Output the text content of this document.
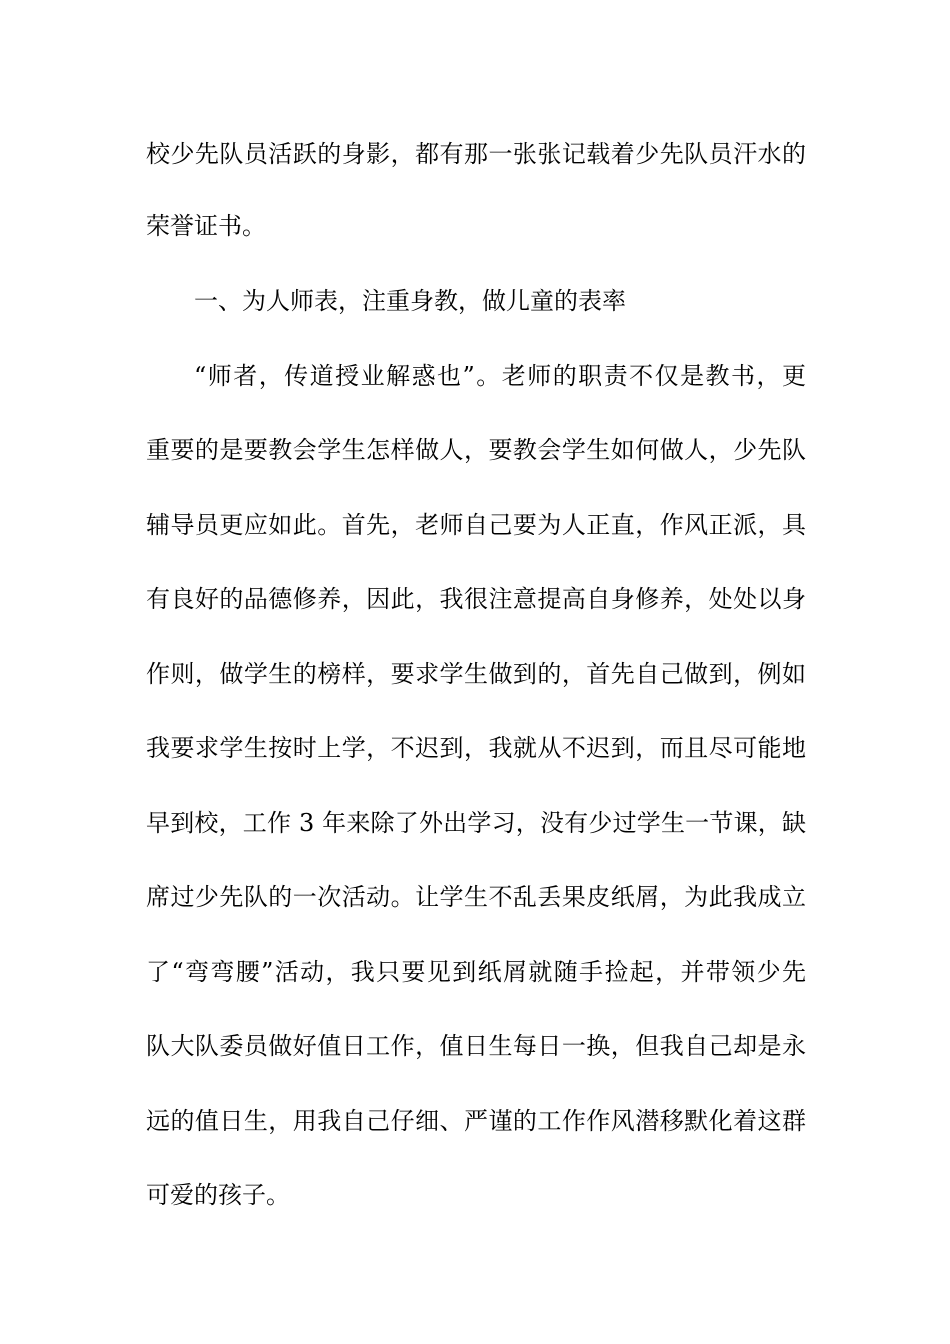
校少先队员活跃的身影，都有那一张张记载着少先队员汗水的
荣誉证书。
一、为人师表，注重身教，做儿童的表率
“师者，传道授业解惑也”。老师的职责不仅是教书，更
重要的是要教会学生怎样做人，要教会学生如何做人，少先队
辅导员更应如此。首先，老师自己要为人正直，作风正派，具
有良好的品德修养，因此，我很注意提高自身修养，处处以身
作则，做学生的榜样，要求学生做到的，首先自己做到，例如
我要求学生按时上学，不迟到，我就从不迟到，而且尽可能地
早到校，工作 3 年来除了外出学习，没有少过学生一节课，缺
席过少先队的一次活动。让学生不乱丢果皮纸屑，为此我成立
了“弯弯腰”活动，我只要见到纸屑就随手捡起，并带领少先
队大队委员做好值日工作，值日生每日一换，但我自己却是永
远的值日生，用我自己仔细、严谨的工作作风潜移默化着这群
可爱的孩子。
